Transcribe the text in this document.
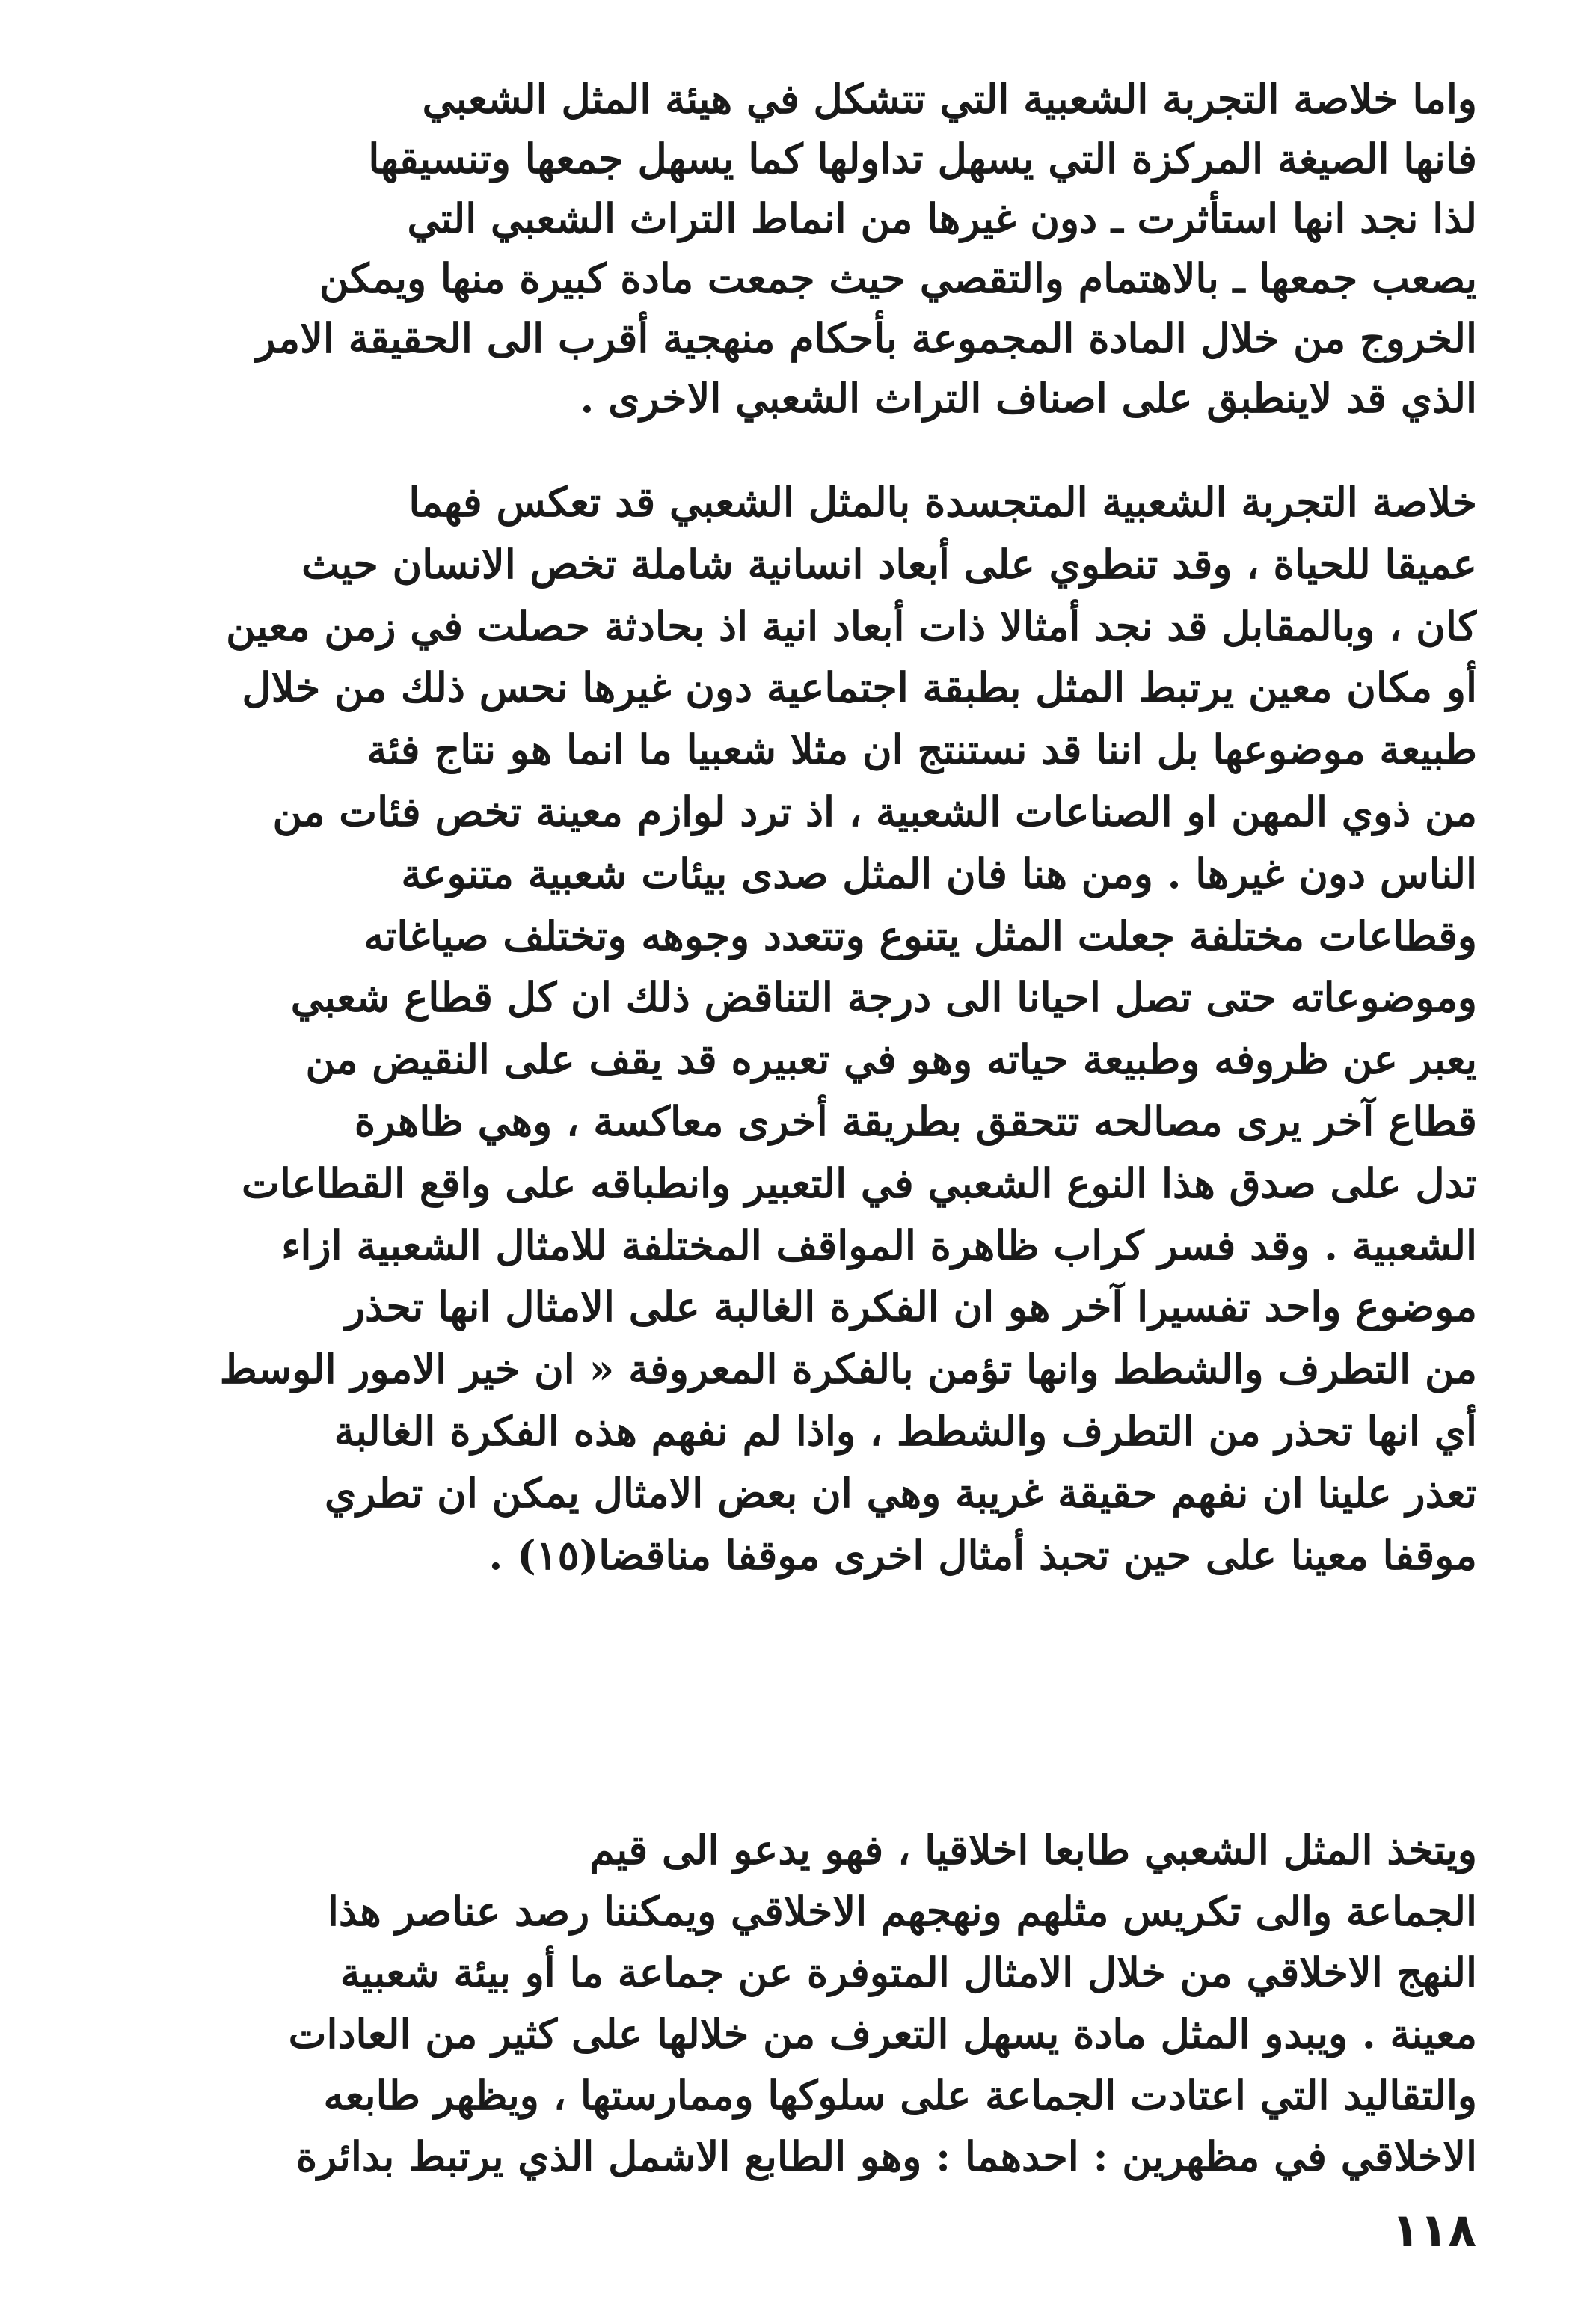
واما خلاصة التجربة الشعبية التي تتشكل في هيئة المثل الشعبي
فانها الصيغة المركزة التي يسهل تداولها كما يسهل جمعها وتنسيقها
لذا نجد انها استأثرت ـ دون غيرها من انماط التراث الشعبي التي
يصعب جمعها ـ بالاهتمام والتقصي حيث جمعت مادة كبيرة منها ويمكن
الخروج من خلال المادة المجموعة بأحكام منهجية أقرب الى الحقيقة الامر
الذي قد لاينطبق على اصناف التراث الشعبي الاخرى .
خلاصة التجربة الشعبية المتجسدة بالمثل الشعبي قد تعكس فهما
عميقا للحياة ، وقد تنطوي على أبعاد انسانية شاملة تخص الانسان حيث
كان ، وبالمقابل قد نجد أمثالا ذات أبعاد انية اذ بحادثة حصلت في زمن معين
أو مكان معين يرتبط المثل بطبقة اجتماعية دون غيرها نحس ذلك من خلال
طبيعة موضوعها بل اننا قد نستنتج ان مثلا شعبيا ما انما هو نتاج فئة
من ذوي المهن او الصناعات الشعبية ، اذ ترد لوازم معينة تخص فئات من
الناس دون غيرها . ومن هنا فان المثل صدى بيئات شعبية متنوعة
وقطاعات مختلفة جعلت المثل يتنوع وتتعدد وجوهه وتختلف صياغاته
وموضوعاته حتى تصل احيانا الى درجة التناقض ذلك ان كل قطاع شعبي
يعبر عن ظروفه وطبيعة حياته وهو في تعبيره قد يقف على النقيض من
قطاع آخر يرى مصالحه تتحقق بطريقة أخرى معاكسة ، وهي ظاهرة
تدل على صدق هذا النوع الشعبي في التعبير وانطباقه على واقع القطاعات
الشعبية . وقد فسر كراب ظاهرة المواقف المختلفة للامثال الشعبية ازاء
موضوع واحد تفسيرا آخر هو ان الفكرة الغالبة على الامثال انها تحذر
من التطرف والشطط وانها تؤمن بالفكرة المعروفة « ان خير الامور الوسط
أي انها تحذر من التطرف والشطط ، واذا لم نفهم هذه الفكرة الغالبة
تعذر علينا ان نفهم حقيقة غريبة وهي ان بعض الامثال يمكن ان تطري
موقفا معينا على حين تحبذ أمثال اخرى موقفا مناقضا(١٥) .
ويتخذ المثل الشعبي طابعا اخلاقيا ، فهو يدعو الى قيم
الجماعة والى تكريس مثلهم ونهجهم الاخلاقي ويمكننا رصد عناصر هذا
النهج الاخلاقي من خلال الامثال المتوفرة عن جماعة ما أو بيئة شعبية
معينة . ويبدو المثل مادة يسهل التعرف من خلالها على كثير من العادات
والتقاليد التي اعتادت الجماعة على سلوكها وممارستها ، ويظهر طابعه
الاخلاقي في مظهرين : احدهما : وهو الطابع الاشمل الذي يرتبط بدائرة
١١٨
